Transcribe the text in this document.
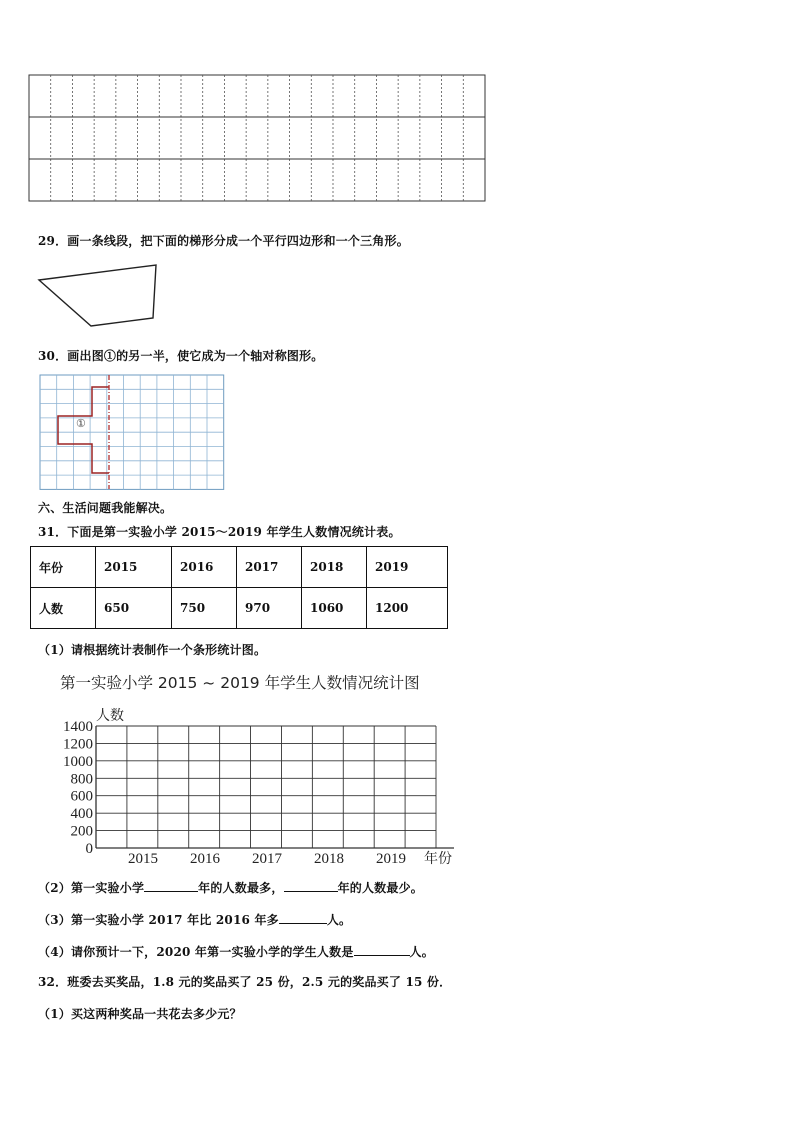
29．画一条线段，把下面的梯形分成一个平行四边形和一个三角形。
30．画出图①的另一半，使它成为一个轴对称图形。
①
六、生活问题我能解决。
31．下面是第一实验小学 2015～2019 年学生人数情况统计表。
年份	2015	2016	2017	2018	2019
人数	650	750	970	1060	1200
（1）请根据统计表制作一个条形统计图。
第一实验小学 2015 ~ 2019 年学生人数情况统计图
0
200
400
600
800
1000
1200
1400
2015 2016 2017 2018 2019
人数
年份
（2）第一实验小学	年的人数最多，	年的人数最少。
（3）第一实验小学 2017 年比 2016 年多	人。
（4）请你预计一下，2020 年第一实验小学的学生人数是	人。
32．班委去买奖品，1.8 元的奖品买了 25 份，2.5 元的奖品买了 15 份．
（1）买这两种奖品一共花去多少元？
